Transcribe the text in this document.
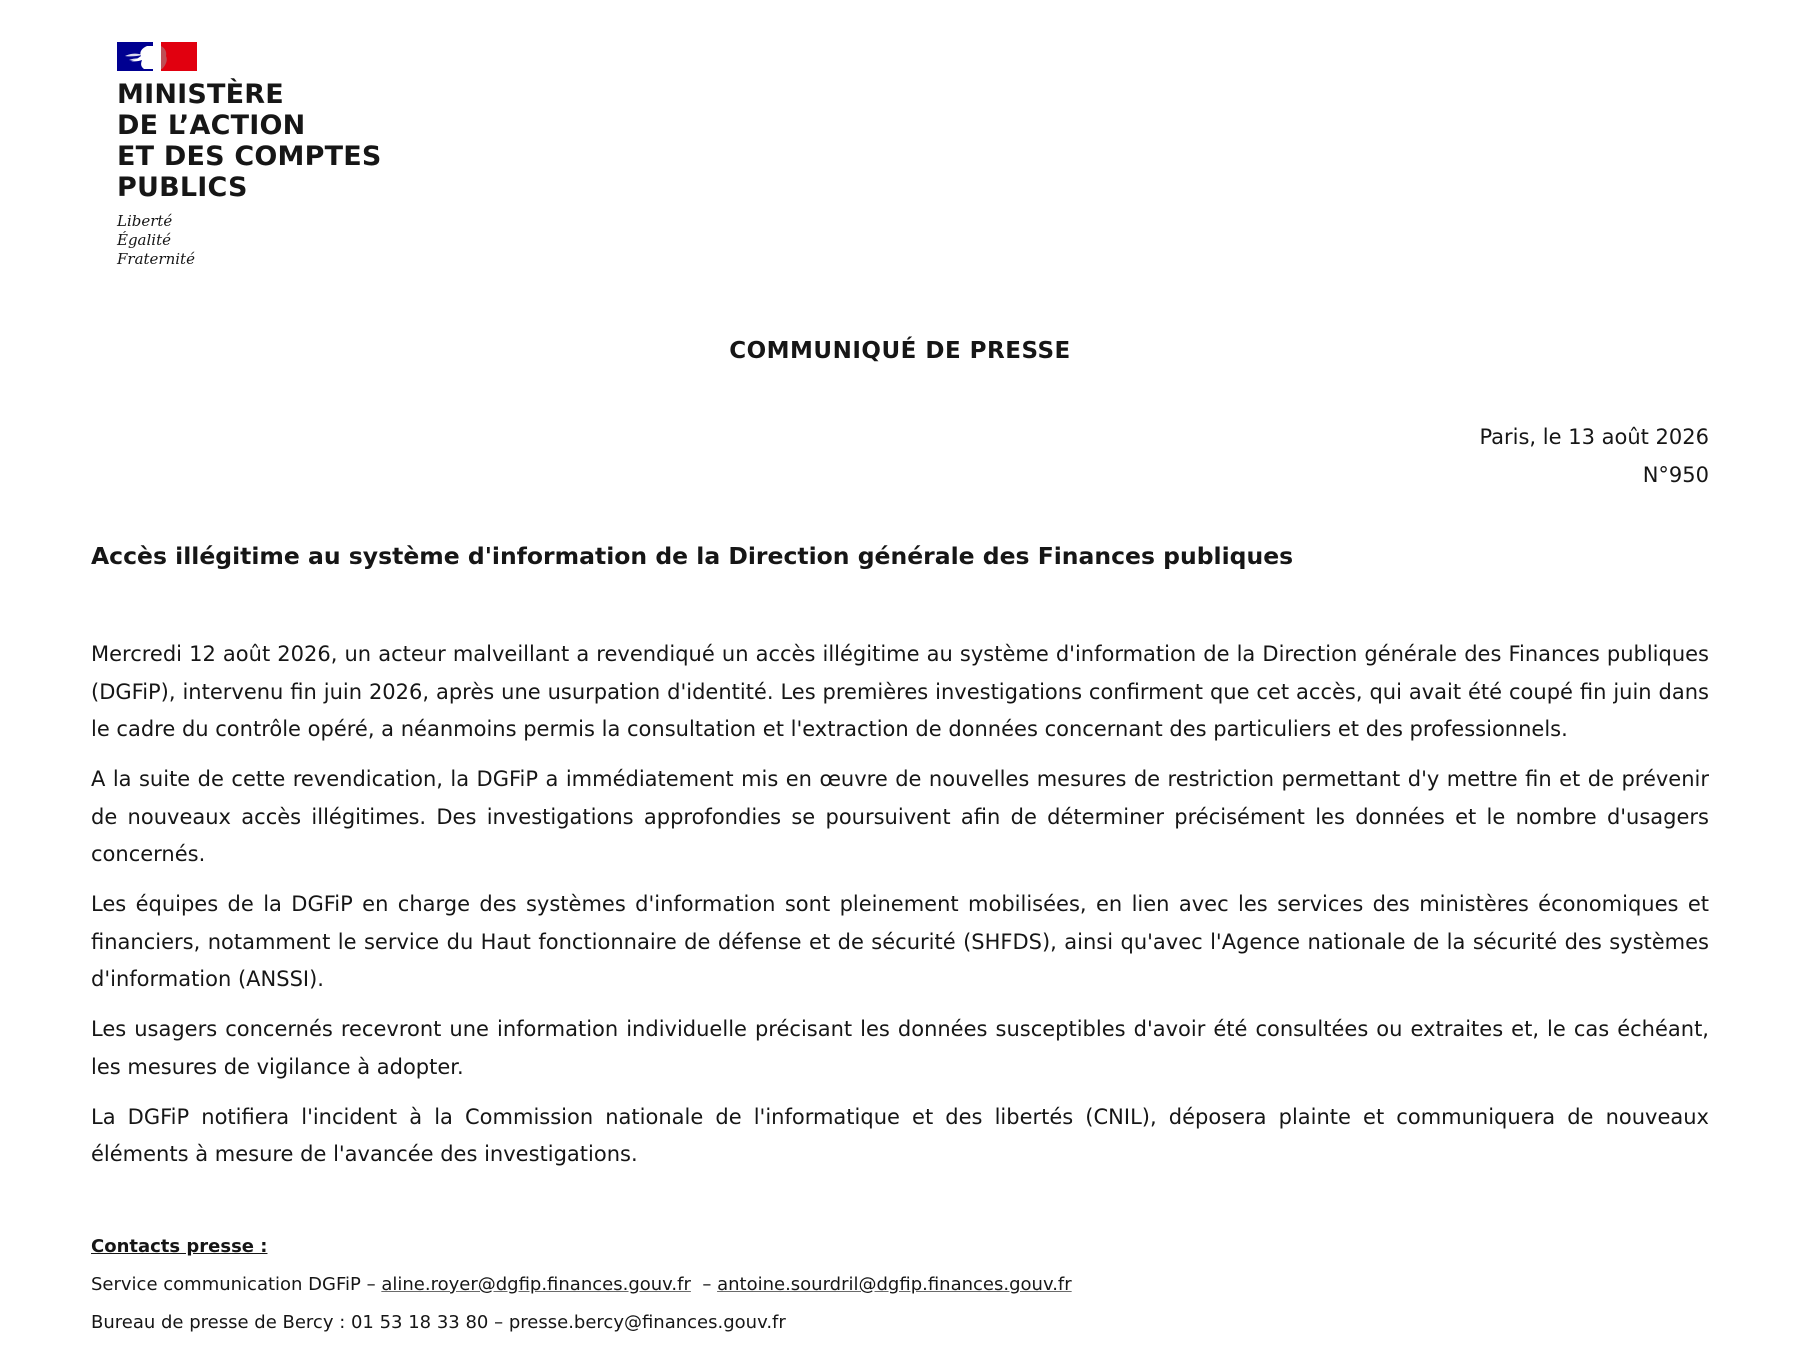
MINISTÈRE
DE L’ACTION
ET DES COMPTES
PUBLICS
Liberté
Égalité
Fraternité
COMMUNIQUÉ DE PRESSE
Paris, le 13 août 2026
N°950
Accès illégitime au système d'information de la Direction générale des Finances publiques

Mercredi 12 août 2026, un acteur malveillant a revendiqué un accès illégitime au système d'information de la Direction générale des Finances publiques (DGFiP), intervenu fin juin 2026, après une usurpation d'identité. Les premières investigations confirment que cet accès, qui avait été coupé fin juin dans le cadre du contrôle opéré, a néanmoins permis la consultation et l'extraction de données concernant des particuliers et des professionnels.

A la suite de cette revendication, la DGFiP a immédiatement mis en œuvre de nouvelles mesures de restriction permettant d'y mettre fin et de prévenir de nouveaux accès illégitimes. Des investigations approfondies se poursuivent afin de déterminer précisément les données et le nombre d'usagers concernés.

Les équipes de la DGFiP en charge des systèmes d'information sont pleinement mobilisées, en lien avec les services des ministères économiques et financiers, notamment le service du Haut fonctionnaire de défense et de sécurité (SHFDS), ainsi qu'avec l'Agence nationale de la sécurité des systèmes d'information (ANSSI).

Les usagers concernés recevront une information individuelle précisant les données susceptibles d'avoir été consultées ou extraites et, le cas échéant, les mesures de vigilance à adopter.

La DGFiP notifiera l'incident à la Commission nationale de l'informatique et des libertés (CNIL), déposera plainte et communiquera de nouveaux éléments à mesure de l'avancée des investigations.

Contacts presse :
Service communication DGFiP – aline.royer@dgfip.finances.gouv.fr – antoine.sourdril@dgfip.finances.gouv.fr
Bureau de presse de Bercy : 01 53 18 33 80 – presse.bercy@finances.gouv.fr
